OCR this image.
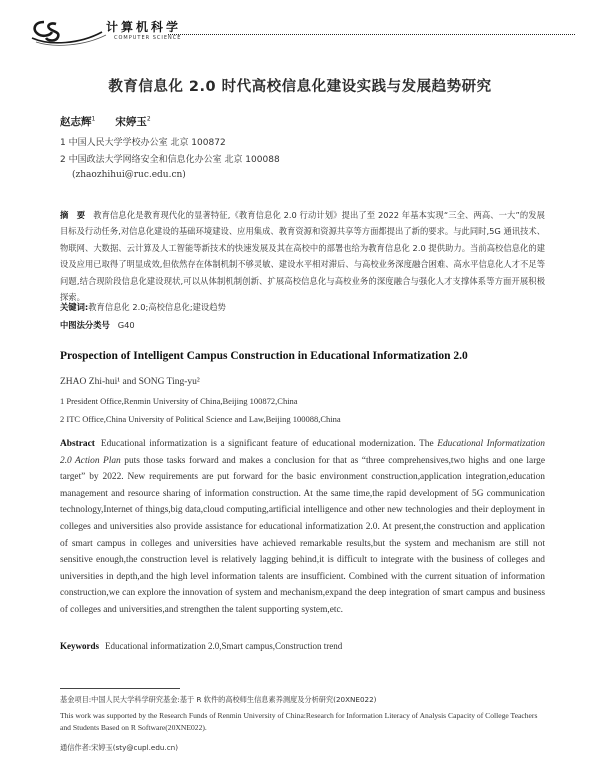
计算机科学
COMPUTER SCIENCE
教育信息化 2.0 时代高校信息化建设实践与发展趋势研究
赵志辉$^1$ 宋婷玉$^2$
1 中国人民大学学校办公室 北京 100872
2 中国政法大学网络安全和信息化办公室 北京 100088
(zhaozhihui@ruc.edu.cn)
摘　要 教育信息化是教育现代化的显著特征,《教育信息化 2.0 行动计划》提出了至 2022 年基本实现“三全、两高、一大”的发展目标及行动任务,对信息化建设的基础环境建设、应用集成、教育资源和资源共享等方面都提出了新的要求。与此同时,5G 通讯技术、物联网、大数据、云计算及人工智能等新技术的快速发展及其在高校中的部署也给为教育信息化 2.0 提供助力。当前高校信息化的建设及应用已取得了明显成效,但依然存在体制机制不够灵敏、建设水平相对滞后、与高校业务深度融合困难、高水平信息化人才不足等问题,结合现阶段信息化建设现状,可以从体制机制创新、扩展高校信息化与高校业务的深度融合与强化人才支撑体系等方面开展积极探索。
关键词:教育信息化 2.0;高校信息化;建设趋势
中图法分类号 G40
Prospection of Intelligent Campus Construction in Educational Informatization 2.0
ZHAO Zhi-hui¹ and SONG Ting-yu²
1 President Office,Renmin University of China,Beijing 100872,China
2 ITC Office,China University of Political Science and Law,Beijing 100088,China
Abstract Educational informatization is a significant feature of educational modernization. The Educational Informatization 2.0 Action Plan puts those tasks forward and makes a conclusion for that as “three comprehensives,two highs and one large target” by 2022. New requirements are put forward for the basic environment construction,application integration,education management and resource sharing of information construction. At the same time,the rapid development of 5G communication technology,Internet of things,big data,cloud computing,artificial intelligence and other new technologies and their deployment in colleges and universities also provide assistance for educational informatization 2.0. At present,the construction and application of smart campus in colleges and universities have achieved remarkable results,but the system and mechanism are still not sensitive enough,the construction level is relatively lagging behind,it is difficult to integrate with the business of colleges and universities in depth,and the high level information talents are insufficient. Combined with the current situation of information construction,we can explore the innovation of system and mechanism,expand the deep integration of smart campus and business of colleges and universities,and strengthen the talent supporting system,etc.
Keywords Educational informatization 2.0,Smart campus,Construction trend
基金项目:中国人民大学科学研究基金:基于 R 软件的高校师生信息素养测度及分析研究(20XNE022)
This work was supported by the Research Funds of Renmin University of China:Research for Information Literacy of Analysis Capacity of College Teachers and Students Based on R Software(20XNE022).
通信作者:宋婷玉(sty@cupl.edu.cn)
